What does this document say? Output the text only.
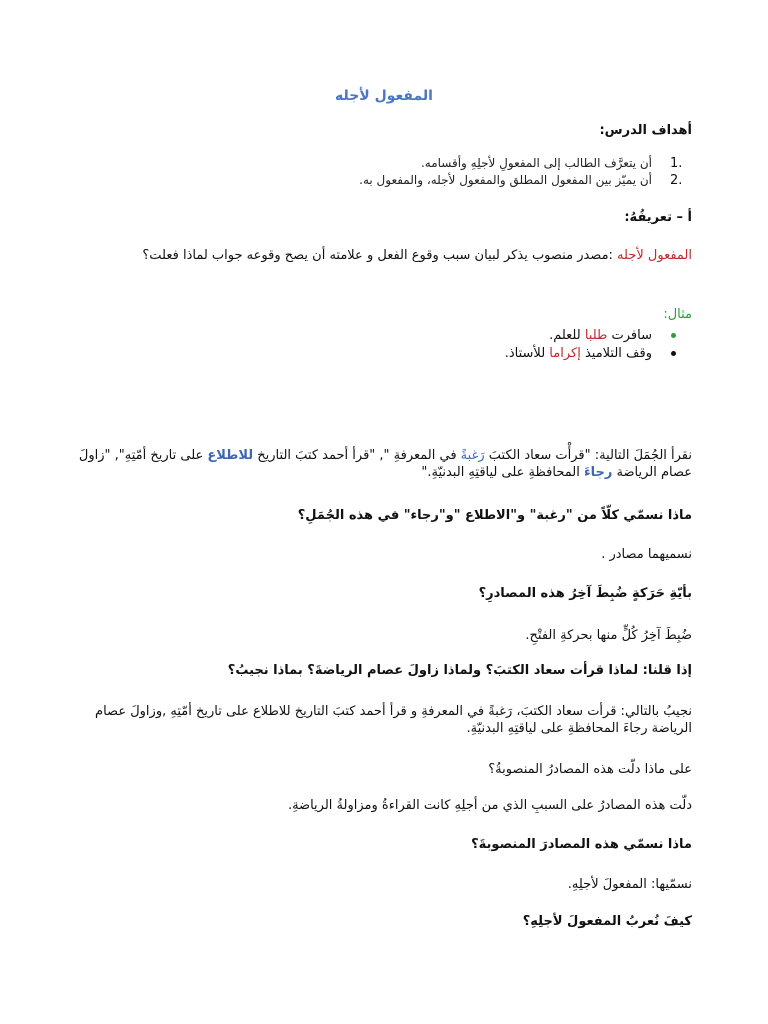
المفعول لأجله
أهداف الدرس:
.1
أن يتعرَّف الطالب إلى المفعولِ لأجلِهِ وأقسامه.
.2
أن يميّز بين المفعول المطلق والمفعول لأجله، والمفعول به.
أ – تعريفُهُ:
المفعول لأجله :مصدر منصوب يذكر لبيان سبب وقوع الفعل و علامته أن يصح وقوعه جواب لماذا فعلت؟
مثال:
سافرت طلبا للعلم.
وقف التلاميذ إكراما للأستاذ.
نقرأ الجُمَلَ التالية: "قرأْت سعاد الكتبَ رَغبةً في المعرفةِ ", "قرأ أحمد كتبَ التاريخ للاطلاع على تاريخ أمّتِهِ", "زاولَ عصام الرياضة رجاءَ المحافظةِ على لياقتِهِ البدنيّةِ."
ماذا نسمّي كلّاً من "رغبة" و"الاطلاع "و"رجاء" في هذه الجُمَلِ؟
نسميهما مصادر .
بأيّةِ حَرَكةٍ ضُبِطَ آخِرُ هذه المصادرِ؟
ضُبِطَ آخِرُ كُلٍّ منها بحركةِ الفتْحِ.
إذا قلنا: لماذا قرأت سعاد الكتبَ؟ ولماذا زاولَ عصام الرياضةَ؟ بماذا نجيبُ؟
نجيبُ بالتالي: قرأت سعاد الكتبَ، رَغبةً في المعرفةِ و قرأ أحمد كتبَ التاريخ للاطلاع على تاريخ أمّتِهِ ,وزاولَ عصام الرياضة رجاءَ المحافظةِ على لياقتِهِ البدنيّةِ.
على ماذا دلّت هذه المصادرُ المنصوبةُ؟
دلّت هذه المصادرُ على السببِ الذي من أجلِهِ كانت القراءةُ ومزاولةُ الرياضةِ.
ماذا نسمّي هذه المصادرَ المنصوبةَ؟
نسمّيها: المفعولَ لأجلِهِ.
كيفَ نُعربُ المفعولَ لأجلِهِ؟
